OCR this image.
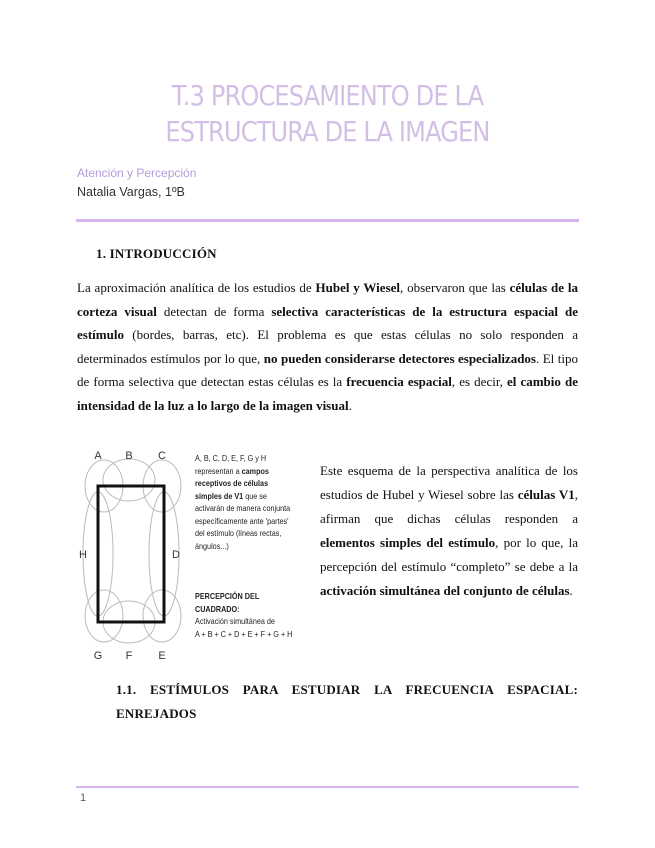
T.3 PROCESAMIENTO DE LA ESTRUCTURA DE LA IMAGEN
Atención y Percepción
Natalia Vargas, 1ºB
1. INTRODUCCIÓN
La aproximación analítica de los estudios de Hubel y Wiesel, observaron que las células de la corteza visual detectan de forma selectiva características de la estructura espacial de estímulo (bordes, barras, etc). El problema es que estas células no solo responden a determinados estímulos por lo que, no pueden considerarse detectores especializados. El tipo de forma selectiva que detectan estas células es la frecuencia espacial, es decir, el cambio de intensidad de la luz a lo largo de la imagen visual.
A B C
D
E
F
G
H
A, B, C, D, E, F, G y H representan a campos receptivos de células simples de V1 que se activarán de manera conjunta específicamente ante 'partes' del estímulo (líneas rectas, ángulos...)
PERCEPCIÓN DEL CUADRADO:
Activación simultánea de
A + B + C + D + E + F + G + H
Este esquema de la perspectiva analítica de los estudios de Hubel y Wiesel sobre las células V1, afirman que dichas células responden a elementos simples del estímulo, por lo que, la percepción del estímulo “completo” se debe a la activación simultánea del conjunto de células.
1.1. ESTÍMULOS PARA ESTUDIAR LA FRECUENCIA ESPACIAL: ENREJADOS
1
